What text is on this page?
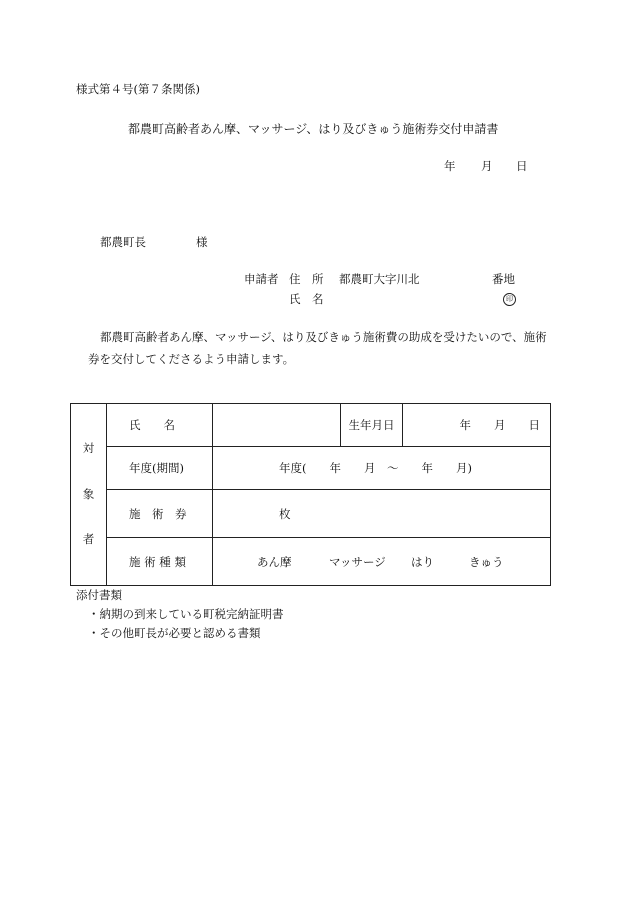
様式第４号(第７条関係)
都農町高齢者あん摩、マッサージ、はり及びきゅう施術券交付申請書
年 月 日
都農町長	様
申請者 住　所 都農町大字川北	番地
氏　名	印
都農町高齢者あん摩、マッサージ、はり及びきゅう施術費の助成を受けたいので、施術券を交付してくださるよう申請します。
対
象
者	氏　　名		生年月日	年　　月　　日
	年度(期間)	年度(　　年　　月　～　　年　　月)		
	施　術　券	枚		
	施 術 種 類	あん摩 マッサージ はり きゅう		
添付書類
・納期の到来している町税完納証明書
・その他町長が必要と認める書類
